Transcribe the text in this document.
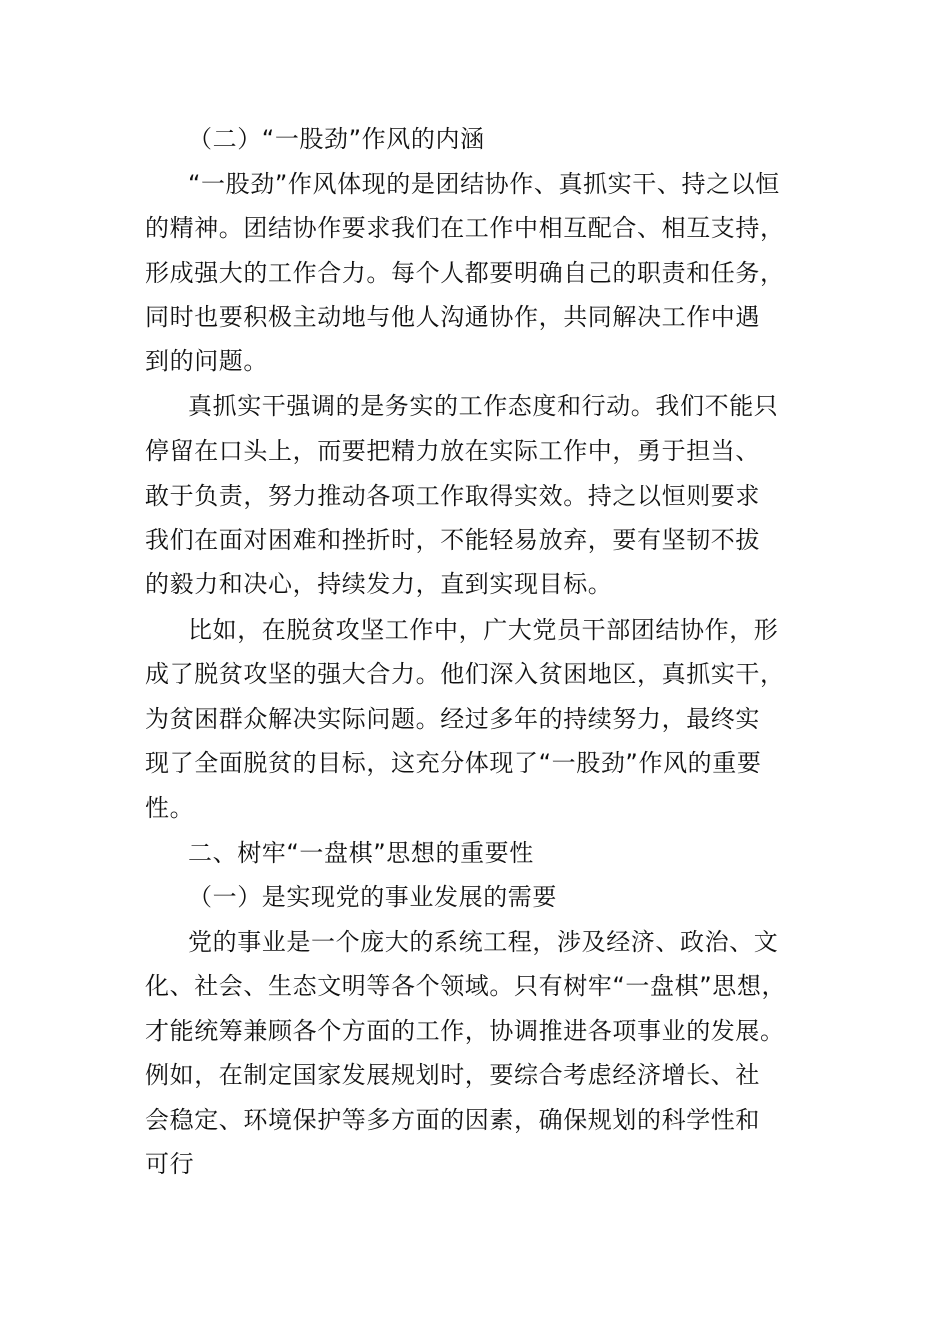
（二）“一股劲”作风的内涵
“一股劲”作风体现的是团结协作、真抓实干、持之以恒
的精神。团结协作要求我们在工作中相互配合、相互支持，
形成强大的工作合力。每个人都要明确自己的职责和任务，
同时也要积极主动地与他人沟通协作，共同解决工作中遇
到的问题。
真抓实干强调的是务实的工作态度和行动。我们不能只
停留在口头上，而要把精力放在实际工作中，勇于担当、
敢于负责，努力推动各项工作取得实效。持之以恒则要求
我们在面对困难和挫折时，不能轻易放弃，要有坚韧不拔
的毅力和决心，持续发力，直到实现目标。
比如，在脱贫攻坚工作中，广大党员干部团结协作，形
成了脱贫攻坚的强大合力。他们深入贫困地区，真抓实干，
为贫困群众解决实际问题。经过多年的持续努力，最终实
现了全面脱贫的目标，这充分体现了“一股劲”作风的重要
性。
二、树牢“一盘棋”思想的重要性
（一）是实现党的事业发展的需要
党的事业是一个庞大的系统工程，涉及经济、政治、文
化、社会、生态文明等各个领域。只有树牢“一盘棋”思想，
才能统筹兼顾各个方面的工作，协调推进各项事业的发展。
例如，在制定国家发展规划时，要综合考虑经济增长、社
会稳定、环境保护等多方面的因素，确保规划的科学性和
可行
